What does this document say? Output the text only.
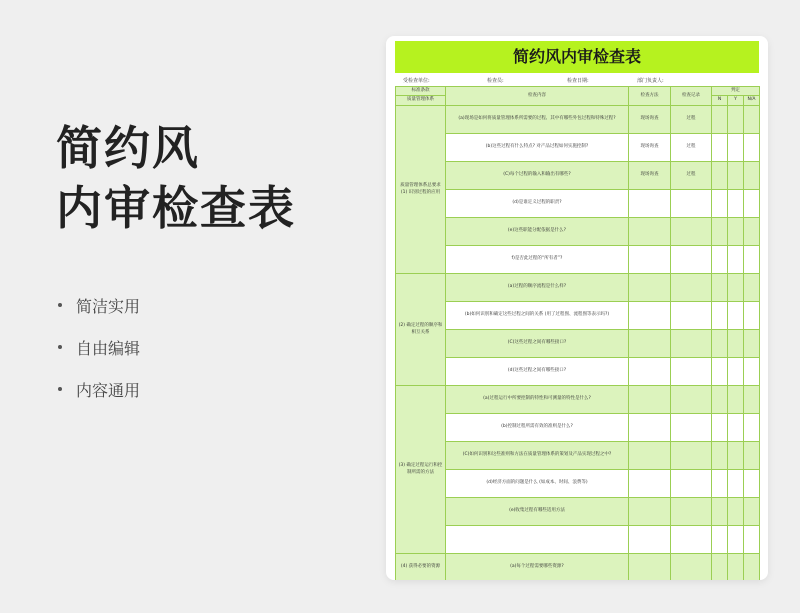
简约风
内审检查表
简洁实用
自由编辑
内容通用
简约风内审检查表
受检查单位:	检查员:	检查日期:	部门负责人:
标准条款	检查内容	检查方法	检查记录	判定		
质量管理体系				N	Y	N/A
质量管理体系总要求 (1) 识别过程的应用	(a)现场是如何将质量管理体系所需要的过程、其中有哪些外包过程和特殊过程?	现场询查	过程			
	(b)这些过程有什么特点? 对产品过程如何实施控制?	现场询查	过程			
	(C)每个过程的输入和输出有哪些?	现场询查	过程			
	(d)是谁定义过程的职责?					
	(e)这些职能分配依据是什么?					
	f)是否此过程的“所有者”?					
(2) 确定过程的顺序和相互关系	(a)过程的顺序流程是什么样?					
	(b)如何识别和确定这些过程之间的关系 (用了过程图、流程图等表示吗?)					
	(C)这些过程之间有哪些接口?					
	(d)这些过程之间有哪些接口?					
(3) 确定过程运行和控制所需的方法	(a)过程运行中所要控制的特性和可测量的特性是什么?					
	(b)控制过程所需有效的准则是什么?					
	(C)如何识别和这些准则和方法在质量管理体系的策划及产品实现过程之中?					
	(d)经济方面的问题是什么 (如成本、时间、浪费等)					
	(e)收集过程有哪些适用方法					

(4) 获得必要的资源	(a)每个过程需要哪些资源?					
